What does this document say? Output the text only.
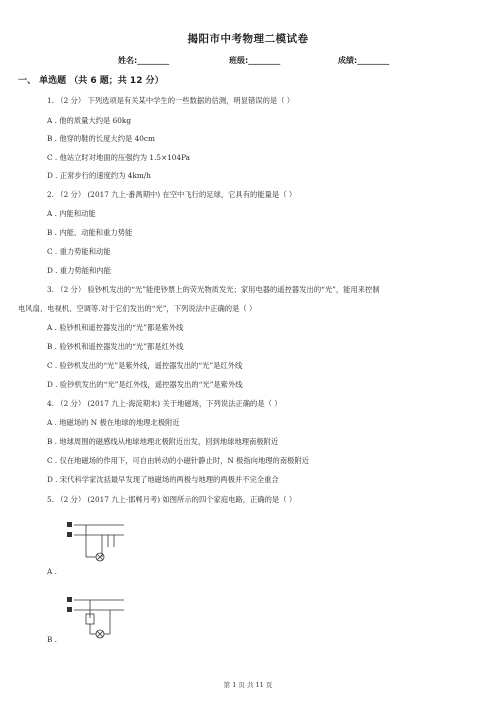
揭阳市中考物理二模试卷
姓名:________	班级:________	成绩:________
一、 单选题 （共 6 题；共 12 分）
1. （2 分） 下列选项是有关某中学生的一些数据的估测，明显错误的是（ ）
A . 他的质量大约是 60kg
B . 他穿的鞋的长度大约是 40cm
C . 他站立时对地面的压强约为 1.5×104Pa
D . 正常步行的速度约为 4km/h
2. （2 分） (2017 九上·番禺期中) 在空中飞行的足球，它具有的能量是（ ）
A . 内能和动能
B . 内能、动能和重力势能
C . 重力势能和动能
D . 重力势能和内能
3. （2 分） 验钞机发出的“光”能使钞票上的荧光物质发光；家用电器的遥控器发出的“光”，能用来控制
电风扇、电视机、空调等.对于它们发出的“光”，下列说法中正确的是（ ）
A . 验钞机和遥控器发出的“光”都是紫外线
B . 验钞机和遥控器发出的“光”都是红外线
C . 验钞机发出的“光”是紫外线，遥控器发出的“光”是红外线
D . 验钞机发出的“光”是红外线，遥控器发出的“光”是紫外线
4. （2 分） (2017 九上·海淀期末) 关于地磁场，下列说法正确的是（ ）
A . 地磁场的 N 极在地球的地理北极附近
B . 地球周围的磁感线从地球地理北极附近出发，回到地球地理南极附近
C . 仅在地磁场的作用下，可自由转动的小磁针静止时，N 极指向地理的南极附近
D . 宋代科学家沈括最早发现了地磁场的两极与地理的两极并不完全重合
5. （2 分） (2017 九上·邯郸月考) 如图所示的四个家庭电路，正确的是（ ）
A .
B .
第 1 页 共 11 页
